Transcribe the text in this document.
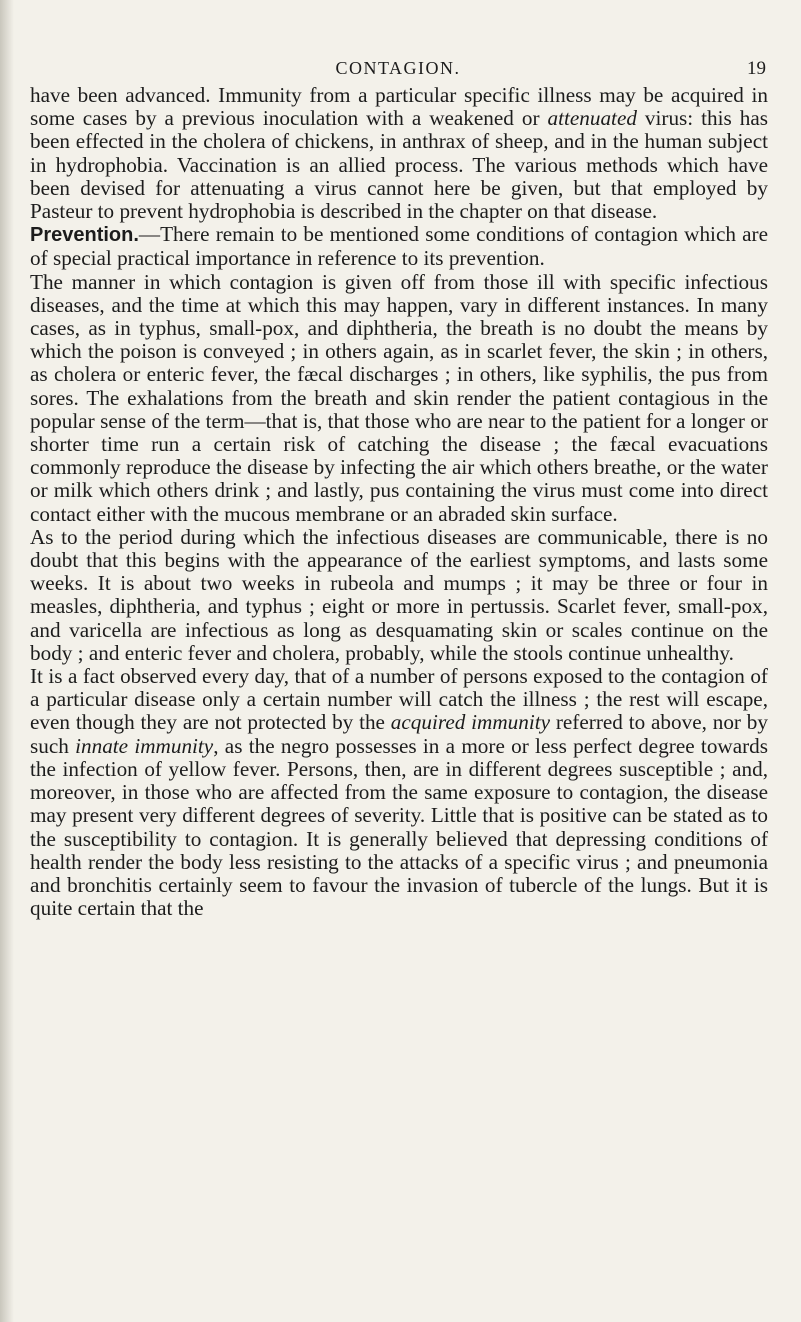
CONTAGION.	19

have been advanced. Immunity from a particular specific illness may be acquired in some cases by a previous inoculation with a weakened or attenuated virus: this has been effected in the cholera of chickens, in anthrax of sheep, and in the human subject in hydrophobia. Vaccination is an allied process. The various methods which have been devised for attenuating a virus cannot here be given, but that employed by Pasteur to prevent hydrophobia is described in the chapter on that disease.

Prevention.—There remain to be mentioned some conditions of contagion which are of special practical importance in reference to its prevention.

The manner in which contagion is given off from those ill with specific infectious diseases, and the time at which this may happen, vary in different instances. In many cases, as in typhus, small-pox, and diphtheria, the breath is no doubt the means by which the poison is conveyed ; in others again, as in scarlet fever, the skin ; in others, as cholera or enteric fever, the fæcal discharges ; in others, like syphilis, the pus from sores. The exhalations from the breath and skin render the patient contagious in the popular sense of the term—that is, that those who are near to the patient for a longer or shorter time run a certain risk of catching the disease ; the fæcal evacuations commonly reproduce the disease by infecting the air which others breathe, or the water or milk which others drink ; and lastly, pus containing the virus must come into direct contact either with the mucous membrane or an abraded skin surface.

As to the period during which the infectious diseases are communicable, there is no doubt that this begins with the appearance of the earliest symptoms, and lasts some weeks. It is about two weeks in rubeola and mumps ; it may be three or four in measles, diphtheria, and typhus ; eight or more in pertussis. Scarlet fever, small-pox, and varicella are infectious as long as desquamating skin or scales continue on the body ; and enteric fever and cholera, probably, while the stools continue unhealthy.

It is a fact observed every day, that of a number of persons exposed to the contagion of a particular disease only a certain number will catch the illness ; the rest will escape, even though they are not protected by the acquired immunity referred to above, nor by such innate immunity, as the negro possesses in a more or less perfect degree towards the infection of yellow fever. Persons, then, are in different degrees susceptible ; and, moreover, in those who are affected from the same exposure to contagion, the disease may present very different degrees of severity. Little that is positive can be stated as to the susceptibility to contagion. It is generally believed that depressing conditions of health render the body less resisting to the attacks of a specific virus ; and pneumonia and bronchitis certainly seem to favour the invasion of tubercle of the lungs. But it is quite certain that the
